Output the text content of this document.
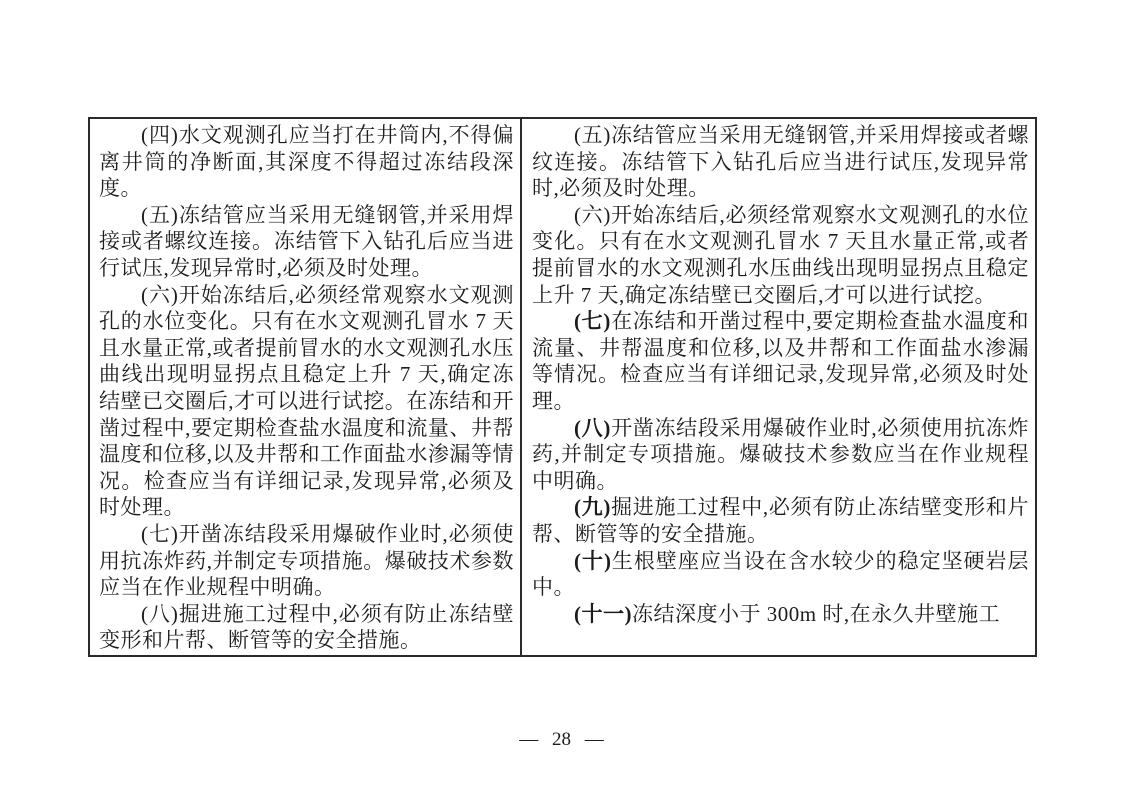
(四)水文观测孔应当打在井筒内,不得偏离井筒的净断面,其深度不得超过冻结段深度。

(五)冻结管应当采用无缝钢管,并采用焊接或者螺纹连接。冻结管下入钻孔后应当进行试压,发现异常时,必须及时处理。

(六)开始冻结后,必须经常观察水文观测孔的水位变化。只有在水文观测孔冒水 7 天且水量正常,或者提前冒水的水文观测孔水压曲线出现明显拐点且稳定上升 7 天,确定冻结壁已交圈后,才可以进行试挖。在冻结和开凿过程中,要定期检查盐水温度和流量、井帮温度和位移,以及井帮和工作面盐水渗漏等情况。检查应当有详细记录,发现异常,必须及时处理。

(七)开凿冻结段采用爆破作业时,必须使用抗冻炸药,并制定专项措施。爆破技术参数应当在作业规程中明确。

(八)掘进施工过程中,必须有防止冻结壁变形和片帮、断管等的安全措施。

(五)冻结管应当采用无缝钢管,并采用焊接或者螺纹连接。冻结管下入钻孔后应当进行试压,发现异常时,必须及时处理。

(六)开始冻结后,必须经常观察水文观测孔的水位变化。只有在水文观测孔冒水 7 天且水量正常,或者提前冒水的水文观测孔水压曲线出现明显拐点且稳定上升 7 天,确定冻结壁已交圈后,才可以进行试挖。

(七)在冻结和开凿过程中,要定期检查盐水温度和流量、井帮温度和位移,以及井帮和工作面盐水渗漏等情况。检查应当有详细记录,发现异常,必须及时处理。

(八)开凿冻结段采用爆破作业时,必须使用抗冻炸药,并制定专项措施。爆破技术参数应当在作业规程中明确。

(九)掘进施工过程中,必须有防止冻结壁变形和片帮、断管等的安全措施。

(十)生根壁座应当设在含水较少的稳定坚硬岩层中。

(十一)冻结深度小于 300m 时,在永久井壁施工

— 28 —
